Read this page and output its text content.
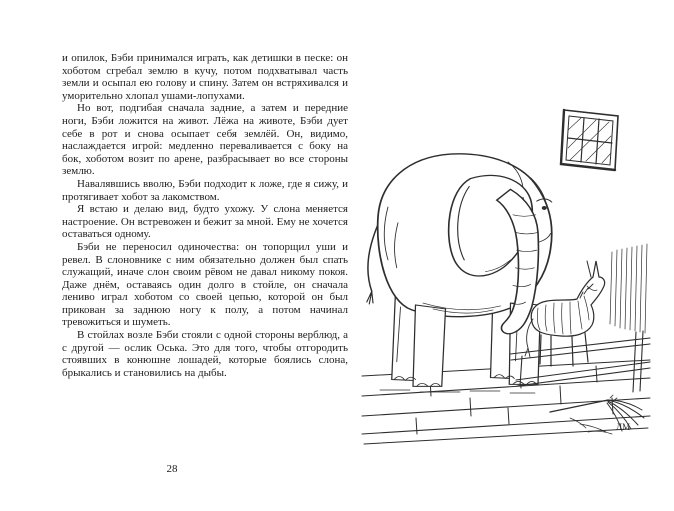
и опилок, Бэби принимался играть, как детишки в песке: он хоботом сгребал землю в кучу, потом подхватывал часть земли и осыпал ею голову и спину. Затем он встряхивался и уморительно хлопал ушами-лопухами.

Но вот, подгибая сначала задние, а затем и передние ноги, Бэби ложится на живот. Лёжа на животе, Бэби дует себе в рот и снова осыпает себя землёй. Он, видимо, наслаждается игрой: медленно переваливается с боку на бок, хоботом возит по арене, разбрасывает во все стороны землю.

Навалявшись вволю, Бэби подходит к ложе, где я сижу, и протягивает хобот за лакомством.

Я встаю и делаю вид, будто ухожу. У слона меняется настроение. Он встревожен и бежит за мной. Ему не хочется оставаться одному.

Бэби не переносил одиночества: он топорщил уши и ревел. В слоновнике с ним обязательно должен был спать служащий, иначе слон своим рёвом не давал никому покоя. Даже днём, оставаясь один долго в стойле, он сначала лениво играл хоботом со своей цепью, которой он был прикован за заднюю ногу к полу, а потом начинал тревожиться и шуметь.

В стойлах возле Бэби стояли с одной стороны верблюд, а с другой — ослик Оська. Это для того, чтобы отгородить стоявших в конюшне лошадей, которые боялись слона, брыкались и становились на дыбы.

28
ЛМ
